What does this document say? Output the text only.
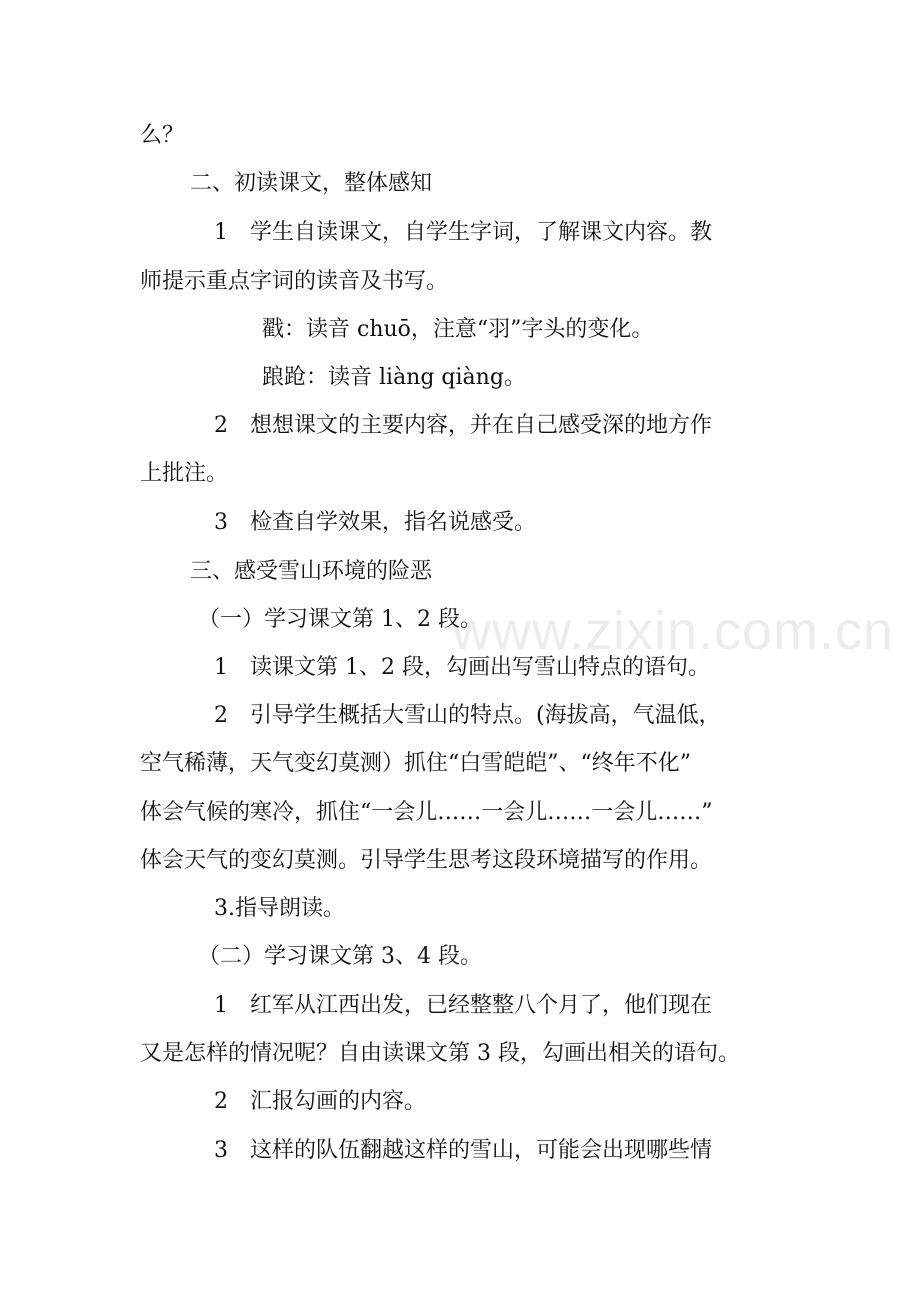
么？
二、初读课文，整体感知
1 学生自读课文，自学生字词，了解课文内容。教
师提示重点字词的读音及书写。
戳：读音 chuō，注意“羽”字头的变化。
踉跄：读音 liàng qiàng。
2 想想课文的主要内容，并在自己感受深的地方作
上批注。
3 检查自学效果，指名说感受。
三、感受雪山环境的险恶
（一）学习课文第 1、2 段。
1 读课文第 1、2 段，勾画出写雪山特点的语句。
2 引导学生概括大雪山的特点。(海拔高，气温低，
空气稀薄，天气变幻莫测）抓住“白雪皑皑”、“终年不化”
体会气候的寒冷，抓住“一会儿……一会儿……一会儿……”
体会天气的变幻莫测。引导学生思考这段环境描写的作用。
3.指导朗读。
（二）学习课文第 3、4 段。
1 红军从江西出发，已经整整八个月了，他们现在
又是怎样的情况呢？自由读课文第 3 段，勾画出相关的语句。
2 汇报勾画的内容。
3 这样的队伍翻越这样的雪山，可能会出现哪些情
www.zixin.com.cn
